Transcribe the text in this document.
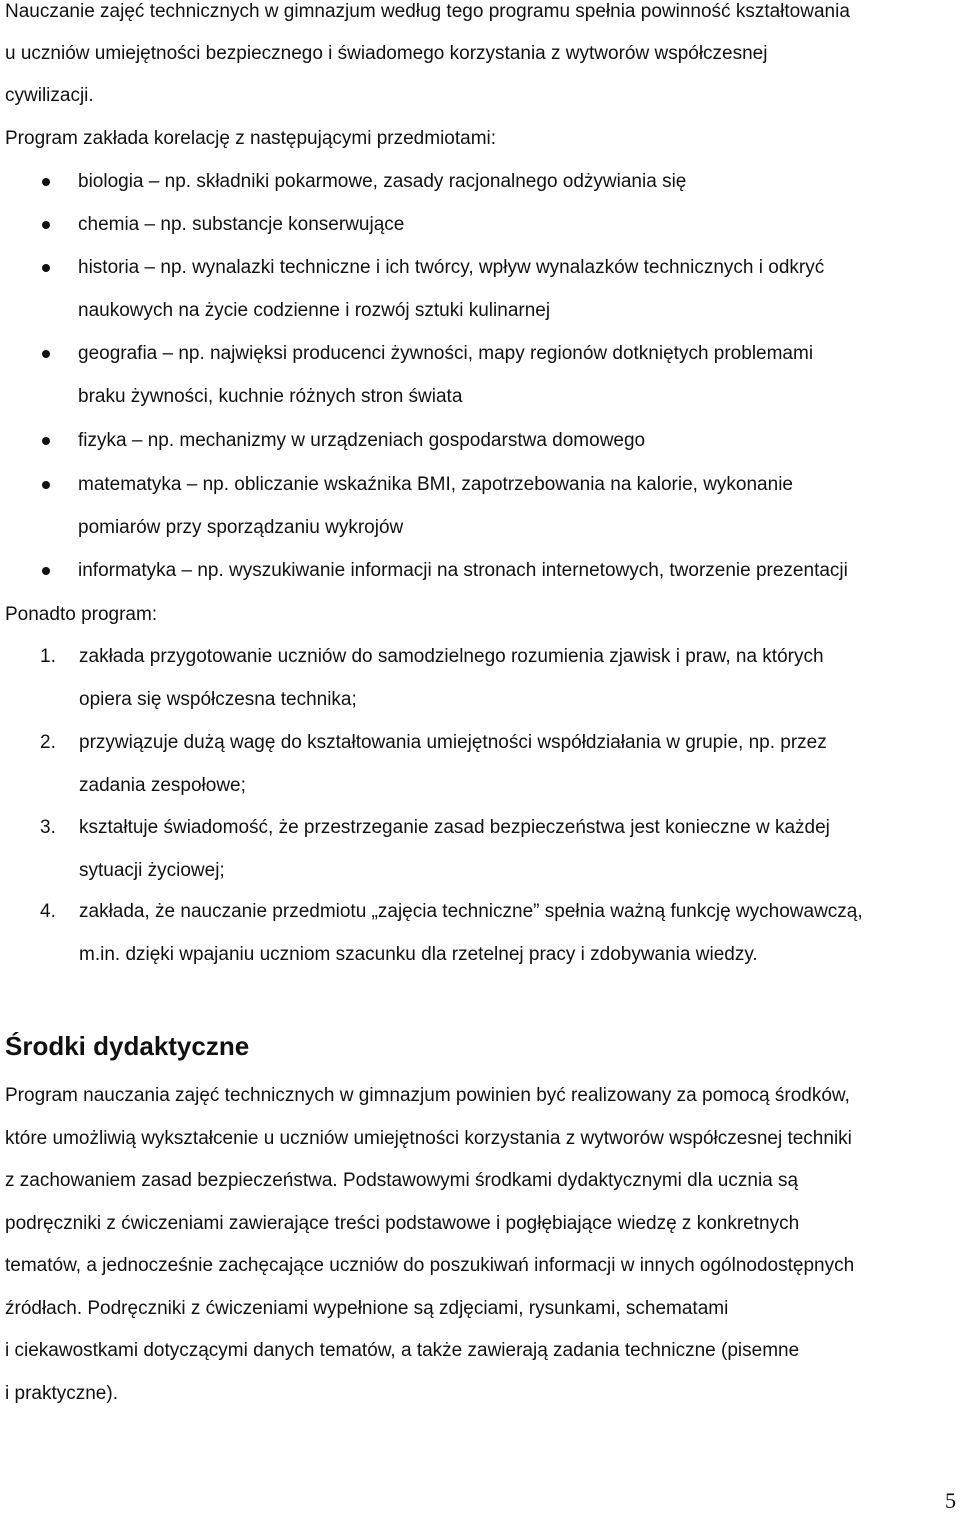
Nauczanie zajęć technicznych w gimnazjum według tego programu spełnia powinność kształtowania
u uczniów umiejętności bezpiecznego i świadomego korzystania z wytworów współczesnej
cywilizacji.
Program zakłada korelację z następującymi przedmiotami:
biologia – np. składniki pokarmowe, zasady racjonalnego odżywiania się
chemia – np. substancje konserwujące
historia – np. wynalazki techniczne i ich twórcy, wpływ wynalazków technicznych i odkryć
naukowych na życie codzienne i rozwój sztuki kulinarnej
geografia – np. najwięksi producenci żywności, mapy regionów dotkniętych problemami
braku żywności, kuchnie różnych stron świata
fizyka – np. mechanizmy w urządzeniach gospodarstwa domowego
matematyka – np. obliczanie wskaźnika BMI, zapotrzebowania na kalorie, wykonanie
pomiarów przy sporządzaniu wykrojów
informatyka – np. wyszukiwanie informacji na stronach internetowych, tworzenie prezentacji
Ponadto program:
1. zakłada przygotowanie uczniów do samodzielnego rozumienia zjawisk i praw, na których
opiera się współczesna technika;
2. przywiązuje dużą wagę do kształtowania umiejętności współdziałania w grupie, np. przez
zadania zespołowe;
3. kształtuje świadomość, że przestrzeganie zasad bezpieczeństwa jest konieczne w każdej
sytuacji życiowej;
4. zakłada, że nauczanie przedmiotu „zajęcia techniczne” spełnia ważną funkcję wychowawczą,
m.in. dzięki wpajaniu uczniom szacunku dla rzetelnej pracy i zdobywania wiedzy.
Środki dydaktyczne
Program nauczania zajęć technicznych w gimnazjum powinien być realizowany za pomocą środków,
które umożliwią wykształcenie u uczniów umiejętności korzystania z wytworów współczesnej techniki
z zachowaniem zasad bezpieczeństwa. Podstawowymi środkami dydaktycznymi dla ucznia są
podręczniki z ćwiczeniami zawierające treści podstawowe i pogłębiające wiedzę z konkretnych
tematów, a jednocześnie zachęcające uczniów do poszukiwań informacji w innych ogólnodostępnych
źródłach. Podręczniki z ćwiczeniami wypełnione są zdjęciami, rysunkami, schematami
i ciekawostkami dotyczącymi danych tematów, a także zawierają zadania techniczne (pisemne
i praktyczne).
5
